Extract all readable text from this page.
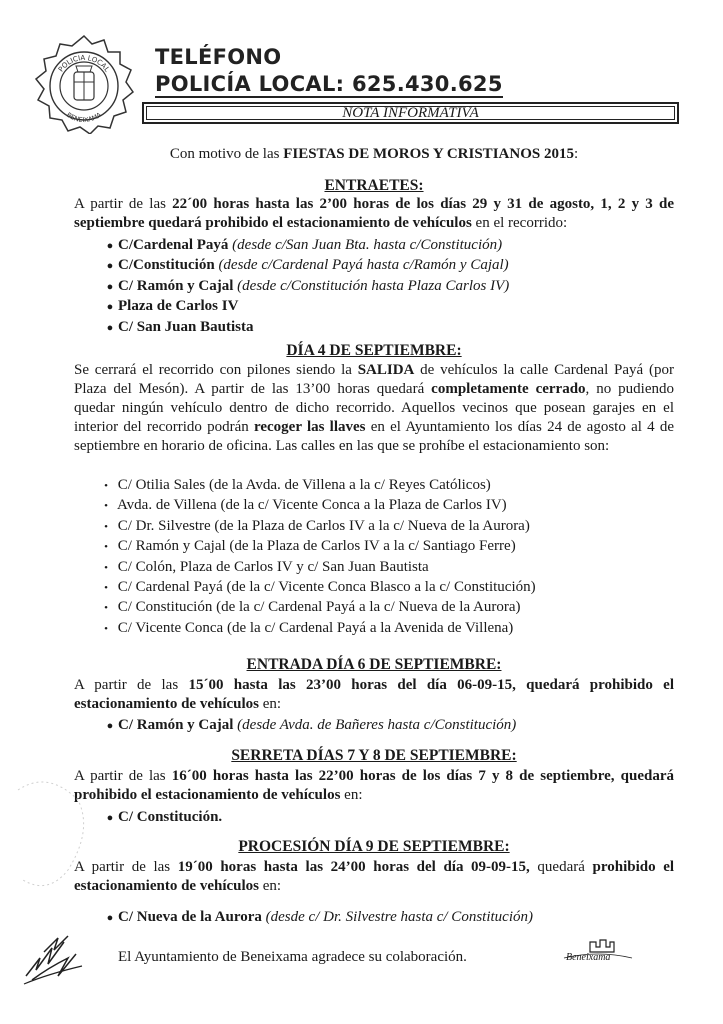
POLICIA LOCAL
BENEIXAMA
TELÉFONO
POLICÍA LOCAL: 625.430.625
NOTA INFORMATIVA
Con motivo de las FIESTAS DE MOROS Y CRISTIANOS 2015:
ENTRAETES:
A partir de las 22´00 horas hasta las 2’00 horas de los días 29 y 31 de agosto, 1, 2 y 3 de septiembre quedará prohibido el estacionamiento de vehículos en el recorrido:
● C/Cardenal Payá (desde c/San Juan Bta. hasta c/Constitución)
● C/Constitución (desde c/Cardenal Payá hasta c/Ramón y Cajal)
● C/ Ramón y Cajal (desde c/Constitución hasta Plaza Carlos IV)
● Plaza de Carlos IV
● C/ San Juan Bautista
DÍA 4 DE SEPTIEMBRE:
Se cerrará el recorrido con pilones siendo la SALIDA de vehículos la calle Cardenal Payá (por Plaza del Mesón). A partir de las 13’00 horas quedará completamente cerrado, no pudiendo quedar ningún vehículo dentro de dicho recorrido. Aquellos vecinos que posean garajes en el interior del recorrido podrán recoger las llaves en el Ayuntamiento los días 24 de agosto al 4 de septiembre en horario de oficina. Las calles en las que se prohíbe el estacionamiento son:
• C/ Otilia Sales (de la Avda. de Villena a la c/ Reyes Católicos)
• Avda. de Villena (de la c/ Vicente Conca a la Plaza de Carlos IV)
• C/ Dr. Silvestre (de la Plaza de Carlos IV a la c/ Nueva de la Aurora)
• C/ Ramón y Cajal (de la Plaza de Carlos IV a la c/ Santiago Ferre)
• C/ Colón, Plaza de Carlos IV y c/ San Juan Bautista
• C/ Cardenal Payá (de la c/ Vicente Conca Blasco a la c/ Constitución)
• C/ Constitución (de la c/ Cardenal Payá a la c/ Nueva de la Aurora)
• C/ Vicente Conca (de la c/ Cardenal Payá a la Avenida de Villena)
ENTRADA DÍA 6 DE SEPTIEMBRE:
A partir de las 15´00 hasta las 23’00 horas del día 06-09-15, quedará prohibido el estacionamiento de vehículos en:
● C/ Ramón y Cajal (desde Avda. de Bañeres hasta c/Constitución)
SERRETA DÍAS 7 Y 8 DE SEPTIEMBRE:
A partir de las 16´00 horas hasta las 22’00 horas de los días 7 y 8 de septiembre, quedará prohibido el estacionamiento de vehículos en:
● C/ Constitución.
PROCESIÓN DÍA 9 DE SEPTIEMBRE:
A partir de las 19´00 horas hasta las 24’00 horas del día 09-09-15, quedará prohibido el estacionamiento de vehículos en:
● C/ Nueva de la Aurora (desde c/ Dr. Silvestre hasta c/ Constitución)
El Ayuntamiento de Beneixama agradece su colaboración.	Beneixama
